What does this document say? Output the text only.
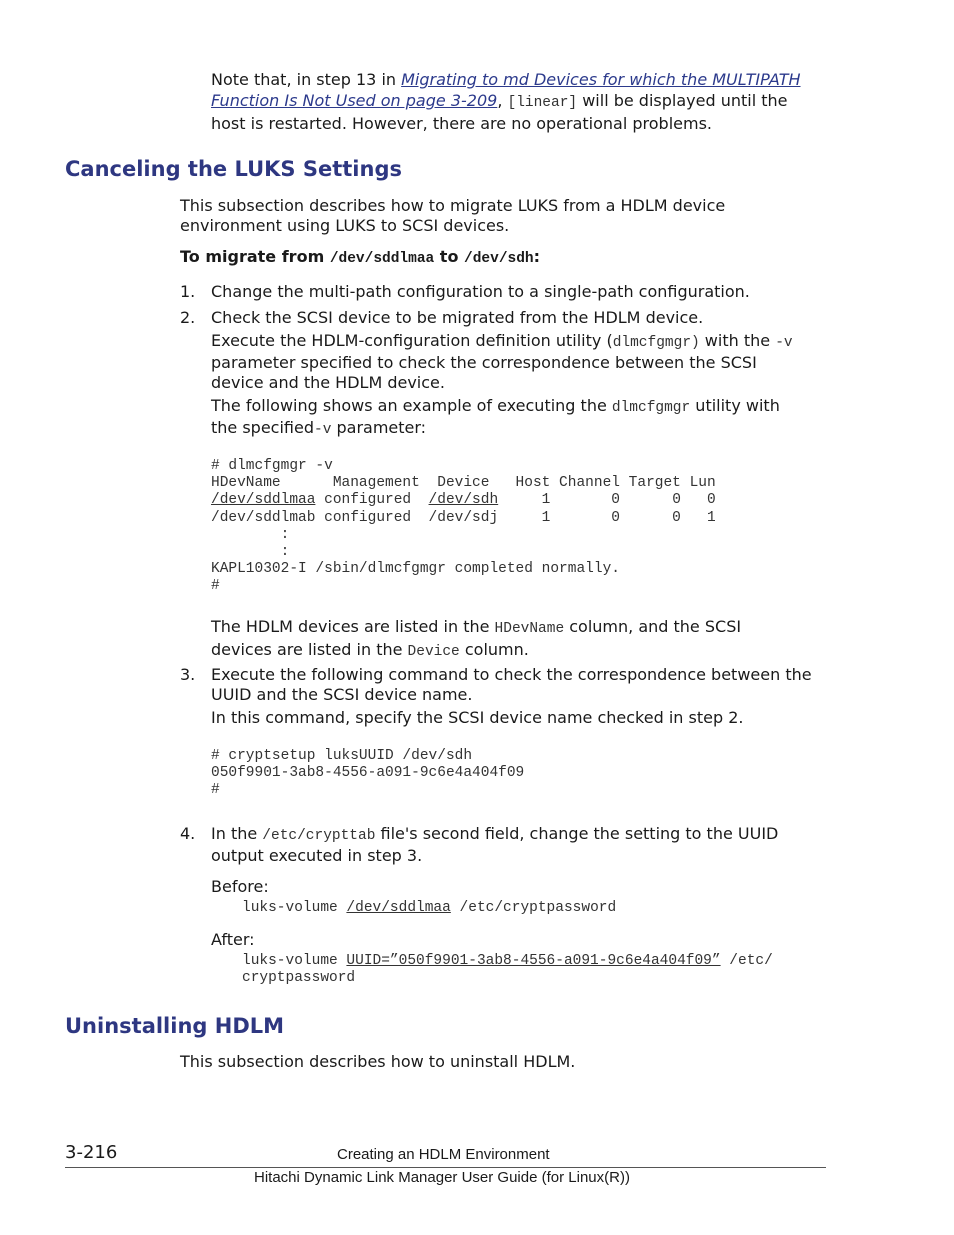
Note that, in step 13 in Migrating to md Devices for which the MULTIPATH
Function Is Not Used on page 3-209, [linear] will be displayed until the
host is restarted. However, there are no operational problems.
Canceling the LUKS Settings
This subsection describes how to migrate LUKS from a HDLM device
environment using LUKS to SCSI devices.
To migrate from /dev/sddlmaa to /dev/sdh:
1. Change the multi-path configuration to a single-path configuration.
2. Check the SCSI device to be migrated from the HDLM device.
Execute the HDLM-configuration definition utility (dlmcfgmgr) with the -v
parameter specified to check the correspondence between the SCSI
device and the HDLM device.
The following shows an example of executing the dlmcfgmgr utility with
the specified-v parameter:
# dlmcfgmgr -v
HDevName      Management  Device   Host Channel Target Lun
/dev/sddlmaa configured  /dev/sdh     1       0      0   0
/dev/sddlmab configured  /dev/sdj     1       0      0   1
:
:
KAPL10302-I /sbin/dlmcfgmgr completed normally.
#
The HDLM devices are listed in the HDevName column, and the SCSI
devices are listed in the Device column.
3. Execute the following command to check the correspondence between the
UUID and the SCSI device name.
In this command, specify the SCSI device name checked in step 2.
# cryptsetup luksUUID /dev/sdh
050f9901-3ab8-4556-a091-9c6e4a404f09
#
4. In the /etc/crypttab file's second field, change the setting to the UUID
output executed in step 3.
Before:
luks-volume /dev/sddlmaa /etc/cryptpassword
After:
luks-volume UUID=”050f9901-3ab8-4556-a091-9c6e4a404f09” /etc/
cryptpassword
Uninstalling HDLM
This subsection describes how to uninstall HDLM.
3-216	Creating an HDLM Environment
Hitachi Dynamic Link Manager User Guide (for Linux(R))
